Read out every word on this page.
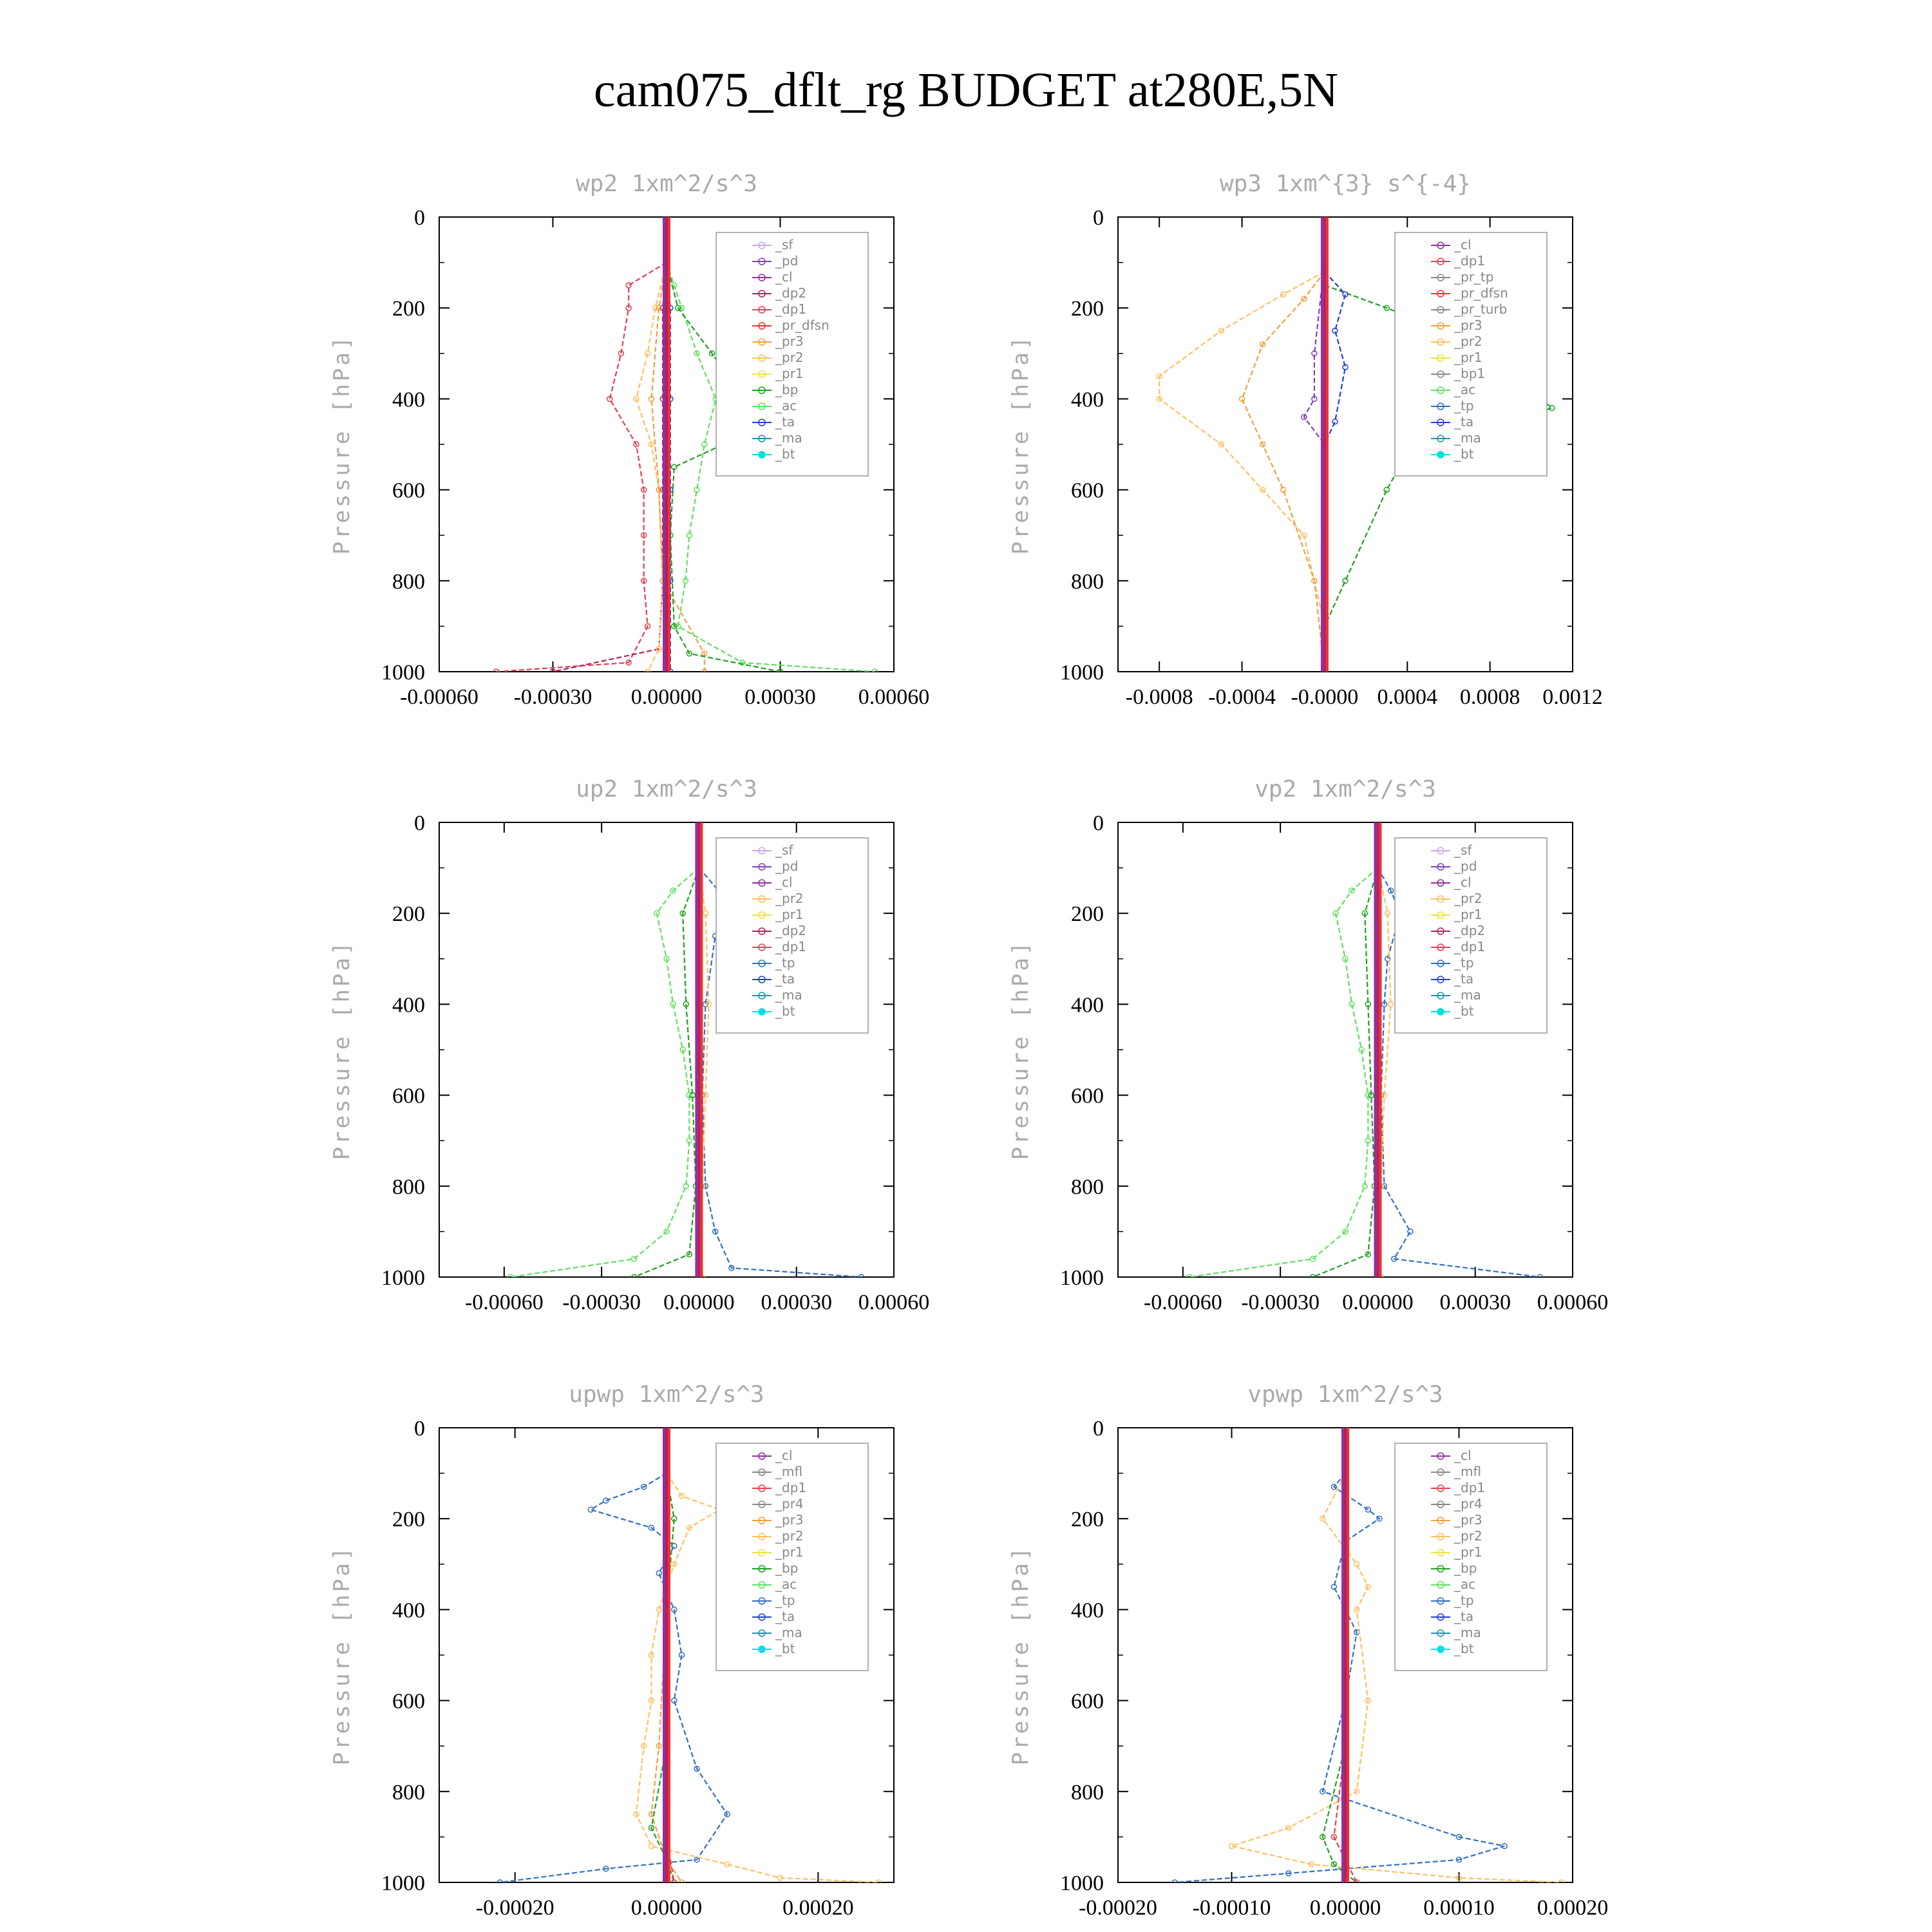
cam075_dflt_rg BUDGET at280E,5N
wp2 1xm^2/s^3
0
200
400
600
800
1000
Pressure [hPa]
-0.00060 -0.00030 0.00000 0.00030 0.00060
_sf
_pd
_cl
_dp2
_dp1
_pr_dfsn
_pr3
_pr2
_pr1
_bp
_ac
_ta
_ma
_bt
wp3 1xm^{3} s^{-4}
0
200
400
600
800
1000
Pressure [hPa]
-0.0008 -0.0004 -0.0000 0.0004 0.0008 0.0012
_cl
_dp1
_pr_tp
_pr_dfsn
_pr_turb
_pr3
_pr2
_pr1
_bp1
_ac
_tp
_ta
_ma
_bt
up2 1xm^2/s^3
0
200
400
600
800
1000
Pressure [hPa]
-0.00060 -0.00030 0.00000 0.00030 0.00060
_sf
_pd
_cl
_pr2
_pr1
_dp2
_dp1
_tp
_ta
_ma
_bt
vp2 1xm^2/s^3
0
200
400
600
800
1000
Pressure [hPa]
-0.00060 -0.00030 0.00000 0.00030 0.00060
_sf
_pd
_cl
_pr2
_pr1
_dp2
_dp1
_tp
_ta
_ma
_bt
upwp 1xm^2/s^3
0
200
400
600
800
1000
Pressure [hPa]
-0.00020	0.00000	0.00020
_cl
_mfl
_dp1
_pr4
_pr3
_pr2
_pr1
_bp
_ac
_tp
_ta
_ma
_bt
vpwp 1xm^2/s^3
0
200
400
600
800
1000
Pressure [hPa]
-0.00020 -0.00010 0.00000 0.00010 0.00020
_cl
_mfl
_dp1
_pr4
_pr3
_pr2
_pr1
_bp
_ac
_tp
_ta
_ma
_bt
